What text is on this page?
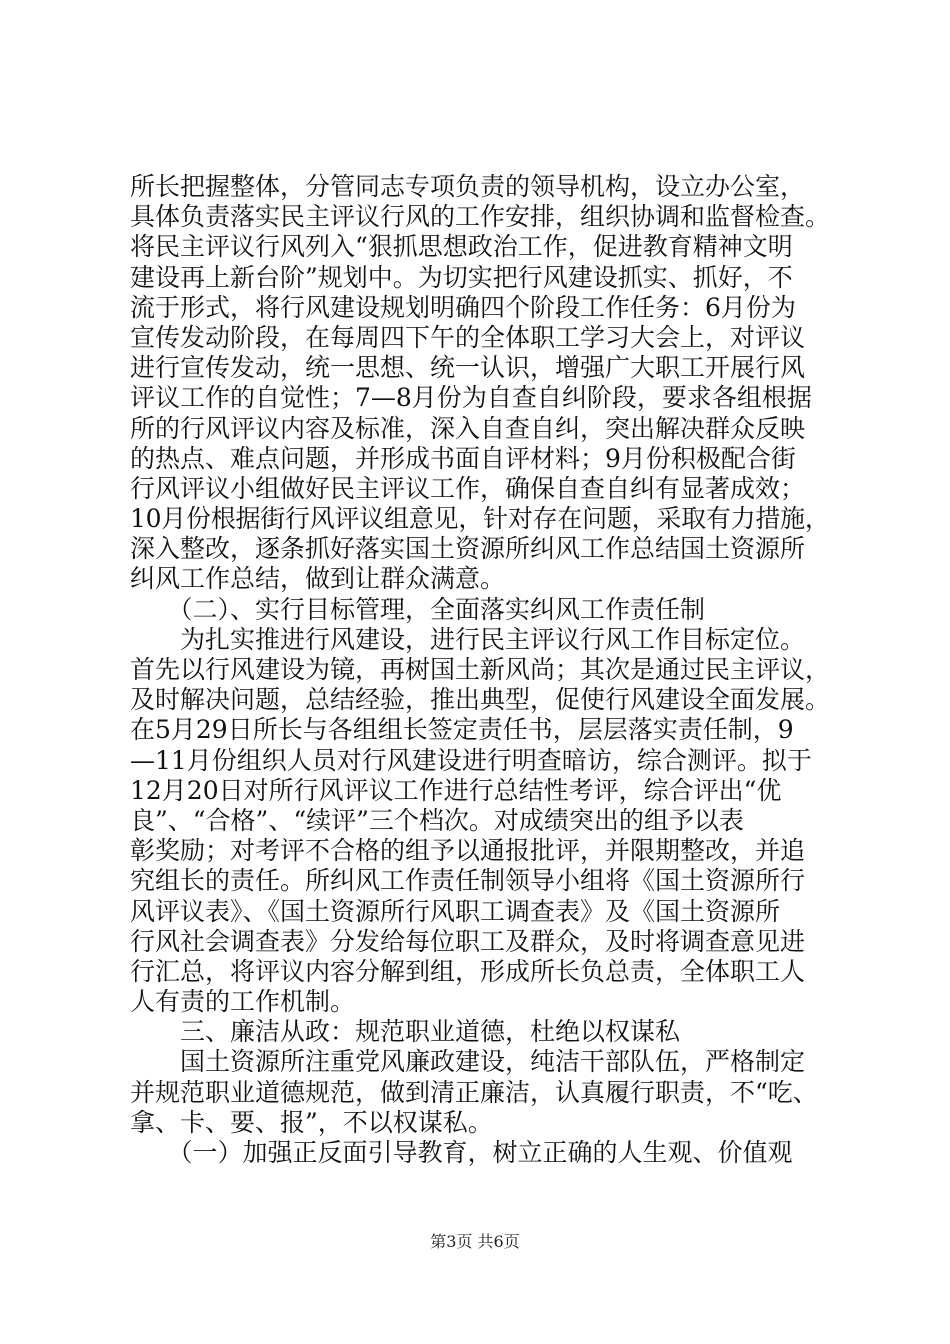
所长把握整体，分管同志专项负责的领导机构，设立办公室，
具体负责落实民主评议行风的工作安排，组织协调和监督检查。
将民主评议行风列入“狠抓思想政治工作，促进教育精神文明
建设再上新台阶”规划中。为切实把行风建设抓实、抓好，不
流于形式，将行风建设规划明确四个阶段工作任务：6月份为
宣传发动阶段，在每周四下午的全体职工学习大会上，对评议
进行宣传发动，统一思想、统一认识，增强广大职工开展行风
评议工作的自觉性；7—8月份为自查自纠阶段，要求各组根据
所的行风评议内容及标准，深入自查自纠，突出解决群众反映
的热点、难点问题，并形成书面自评材料；9月份积极配合街
行风评议小组做好民主评议工作，确保自查自纠有显著成效；
10月份根据街行风评议组意见，针对存在问题，采取有力措施，
深入整改，逐条抓好落实国土资源所纠风工作总结国土资源所
纠风工作总结，做到让群众满意。
　　（二）、实行目标管理，全面落实纠风工作责任制
　　为扎实推进行风建设，进行民主评议行风工作目标定位。
首先以行风建设为镜，再树国土新风尚；其次是通过民主评议，
及时解决问题，总结经验，推出典型，促使行风建设全面发展。
在5月29日所长与各组组长签定责任书，层层落实责任制，9
—11月份组织人员对行风建设进行明查暗访，综合测评。拟于
12月20日对所行风评议工作进行总结性考评，综合评出“优
良”、“合格”、“续评”三个档次。对成绩突出的组予以表
彰奖励；对考评不合格的组予以通报批评，并限期整改，并追
究组长的责任。所纠风工作责任制领导小组将《国土资源所行
风评议表》、《国土资源所行风职工调查表》及《国土资源所
行风社会调查表》分发给每位职工及群众，及时将调查意见进
行汇总，将评议内容分解到组，形成所长负总责，全体职工人
人有责的工作机制。
　　三、廉洁从政：规范职业道德，杜绝以权谋私
　　国土资源所注重党风廉政建设，纯洁干部队伍，严格制定
并规范职业道德规范，做到清正廉洁，认真履行职责，不“吃、
拿、卡、要、报”，不以权谋私。
　　（一）加强正反面引导教育，树立正确的人生观、价值观
第3页 共6页
